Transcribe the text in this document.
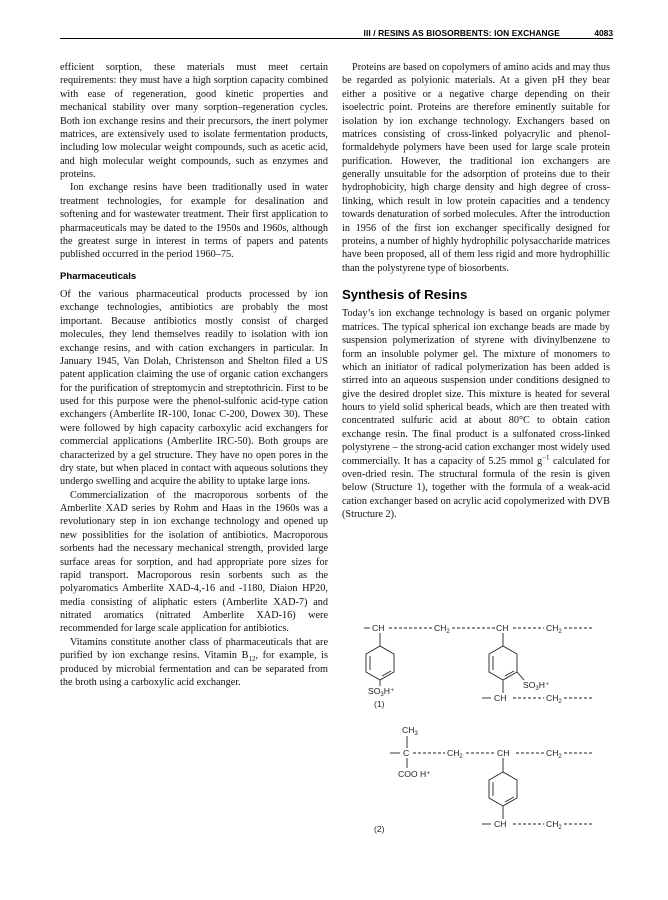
III / RESINS AS BIOSORBENTS: ION EXCHANGE	4083

efficient sorption, these materials must meet certain requirements: they must have a high sorption capacity combined with ease of regeneration, good kinetic properties and mechanical stability over many sorption–regeneration cycles. Both ion exchange resins and their precursors, the inert polymer matrices, are extensively used to isolate fermentation products, including low molecular weight compounds, such as acetic acid, and high molecular weight compounds, such as enzymes and proteins.

Ion exchange resins have been traditionally used in water treatment technologies, for example for desalination and softening and for wastewater treatment. Their first application to pharmaceuticals may be dated to the 1950s and 1960s, although the greatest surge in interest in terms of papers and patents published occurred in the period 1960–75.

Pharmaceuticals

Of the various pharmaceutical products processed by ion exchange technologies, antibiotics are probably the most important. Because antibiotics mostly consist of charged molecules, they lend themselves readily to isolation with ion exchange resins, and with cation exchangers in particular. In January 1945, Van Dolah, Christenson and Shelton filed a US patent application claiming the use of organic cation exchangers for the purification of streptomycin and streptothricin. First to be used for this purpose were the phenol-sulfonic acid-type cation exchangers (Amberlite IR-100, Ionac C-200, Dowex 30). These were followed by high capacity carboxylic acid exchangers for commercial applications (Amberlite IRC-50). Both groups are characterized by a gel structure. They have no open pores in the dry state, but when placed in contact with aqueous solutions they undergo swelling and acquire the ability to uptake large ions.

Commercialization of the macroporous sorbents of the Amberlite XAD series by Rohm and Haas in the 1960s was a revolutionary step in ion exchange technology and opened up new possiblities for the isolation of antibiotics. Macroporous sorbents had the necessary mechanical strength, provided large surface areas for sorption, and had appropriate pore sizes for rapid transport. Macroporous resin sorbents such as the polyaromatics Amberlite XAD-4,-16 and -1180, Diaion HP20, media consisting of aliphatic esters (Amberlite XAD-7) and nitrated aromatics (nitrated Amberlite XAD-16) were recommended for large scale application for antibiotics.

Vitamins constitute another class of pharmaceuticals that are purified by ion exchange resins. Vitamin $B_{12}$, for example, is produced by microbial fermentation and can be separated from the broth using a carboxylic acid exchanger.

Proteins are based on copolymers of amino acids and may thus be regarded as polyionic materials. At a given pH they bear either a positive or a negative charge depending on their isoelectric point. Proteins are therefore eminently suitable for isolation by ion exchange technology. Exchangers based on matrices consisting of cross-linked polyacrylic and phenol-formaldehyde polymers have been used for large scale protein purification. However, the traditional ion exchangers are generally unsuitable for the adsorption of proteins due to their hydrophobicity, high charge density and high degree of cross-linking, which result in low protein capacities and a tendency towards denaturation of sorbed molecules. After the introduction in 1956 of the first ion exchanger specifically designed for proteins, a number of highly hydrophilic polysaccharide matrices have been proposed, all of them less rigid and more hydrophillic than the polystyrene type of biosorbents.

Synthesis of Resins

Today’s ion exchange technology is based on organic polymer matrices. The typical spherical ion exchange beads are made by suspension polymerization of styrene with divinylbenzene to form an insoluble polymer gel. The mixture of monomers to which an initiator of radical polymerization has been added is stirred into an aqueous suspension under conditions designed to give the desired droplet size. This mixture is heated for several hours to yield solid spherical beads, which are then treated with concentrated sulfuric acid at about 80°C to obtain cation exchange resin. The final product is a sulfonated cross-linked polystyrene – the strong-acid cation exchanger most widely used commercially. It has a capacity of 5.25 mmol $g^{-1}$ calculated for oven-dried resin. The structural formula of the resin is given below (Structure 1), together with the formula of a weak-acid cation exchanger based on acrylic acid copolymerized with DVB (Structure 2).

CH	$CH_2$	CH	$CH_2$
$SO_3H^+$
$SO_3H^+$
CH	$CH_2$
(1)
$CH_3$
C	$CH_2$	CH	$CH_2$
COO H⁺
CH	$CH_2$
(2)
